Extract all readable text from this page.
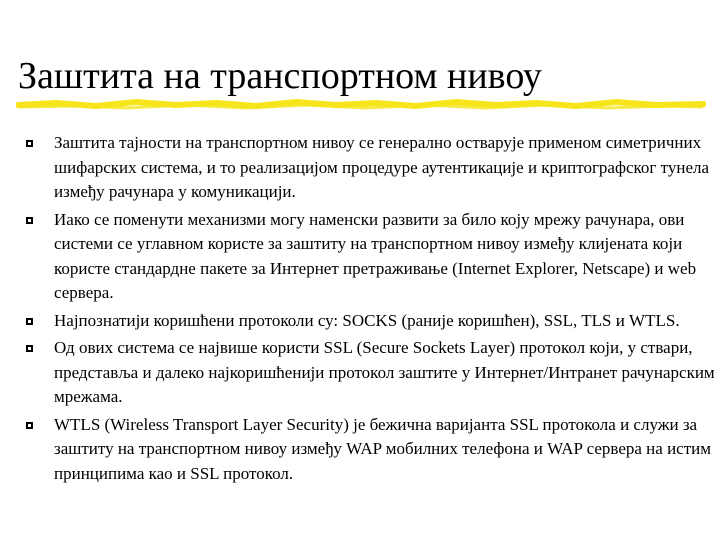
Заштита на транспортном нивоу
Заштита тајности на транспортном нивоу се генерално остварује применом симетричних шифарских система, и то реализацијом процедуре аутентикације и криптографског тунела између рачунара у комуникацији.
Иако се поменути механизми могу наменски развити за било коју мрежу рачунара, ови системи се углавном користе за заштиту на транспортном нивоу између клијената који користе стандардне пакете за Интернет претраживање (Internet Explorer, Netscape) и web сервера.
Најпознатији коришћени протоколи су: SOCKS (раније коришћен), SSL, TLS и WTLS.
Од ових система се највише користи SSL (Secure Sockets Layer) протокол који, у ствари, представља и далеко најкоришћенији протокол заштите у Интернет/Интранет рачунарским мрежама.
WTLS (Wireless Transport Layer Security) је бежична варијанта SSL протокола и служи за заштиту на транспортном нивоу између WAP мобилних телефона и WAP сервера на истим принципима као и SSL протокол.
